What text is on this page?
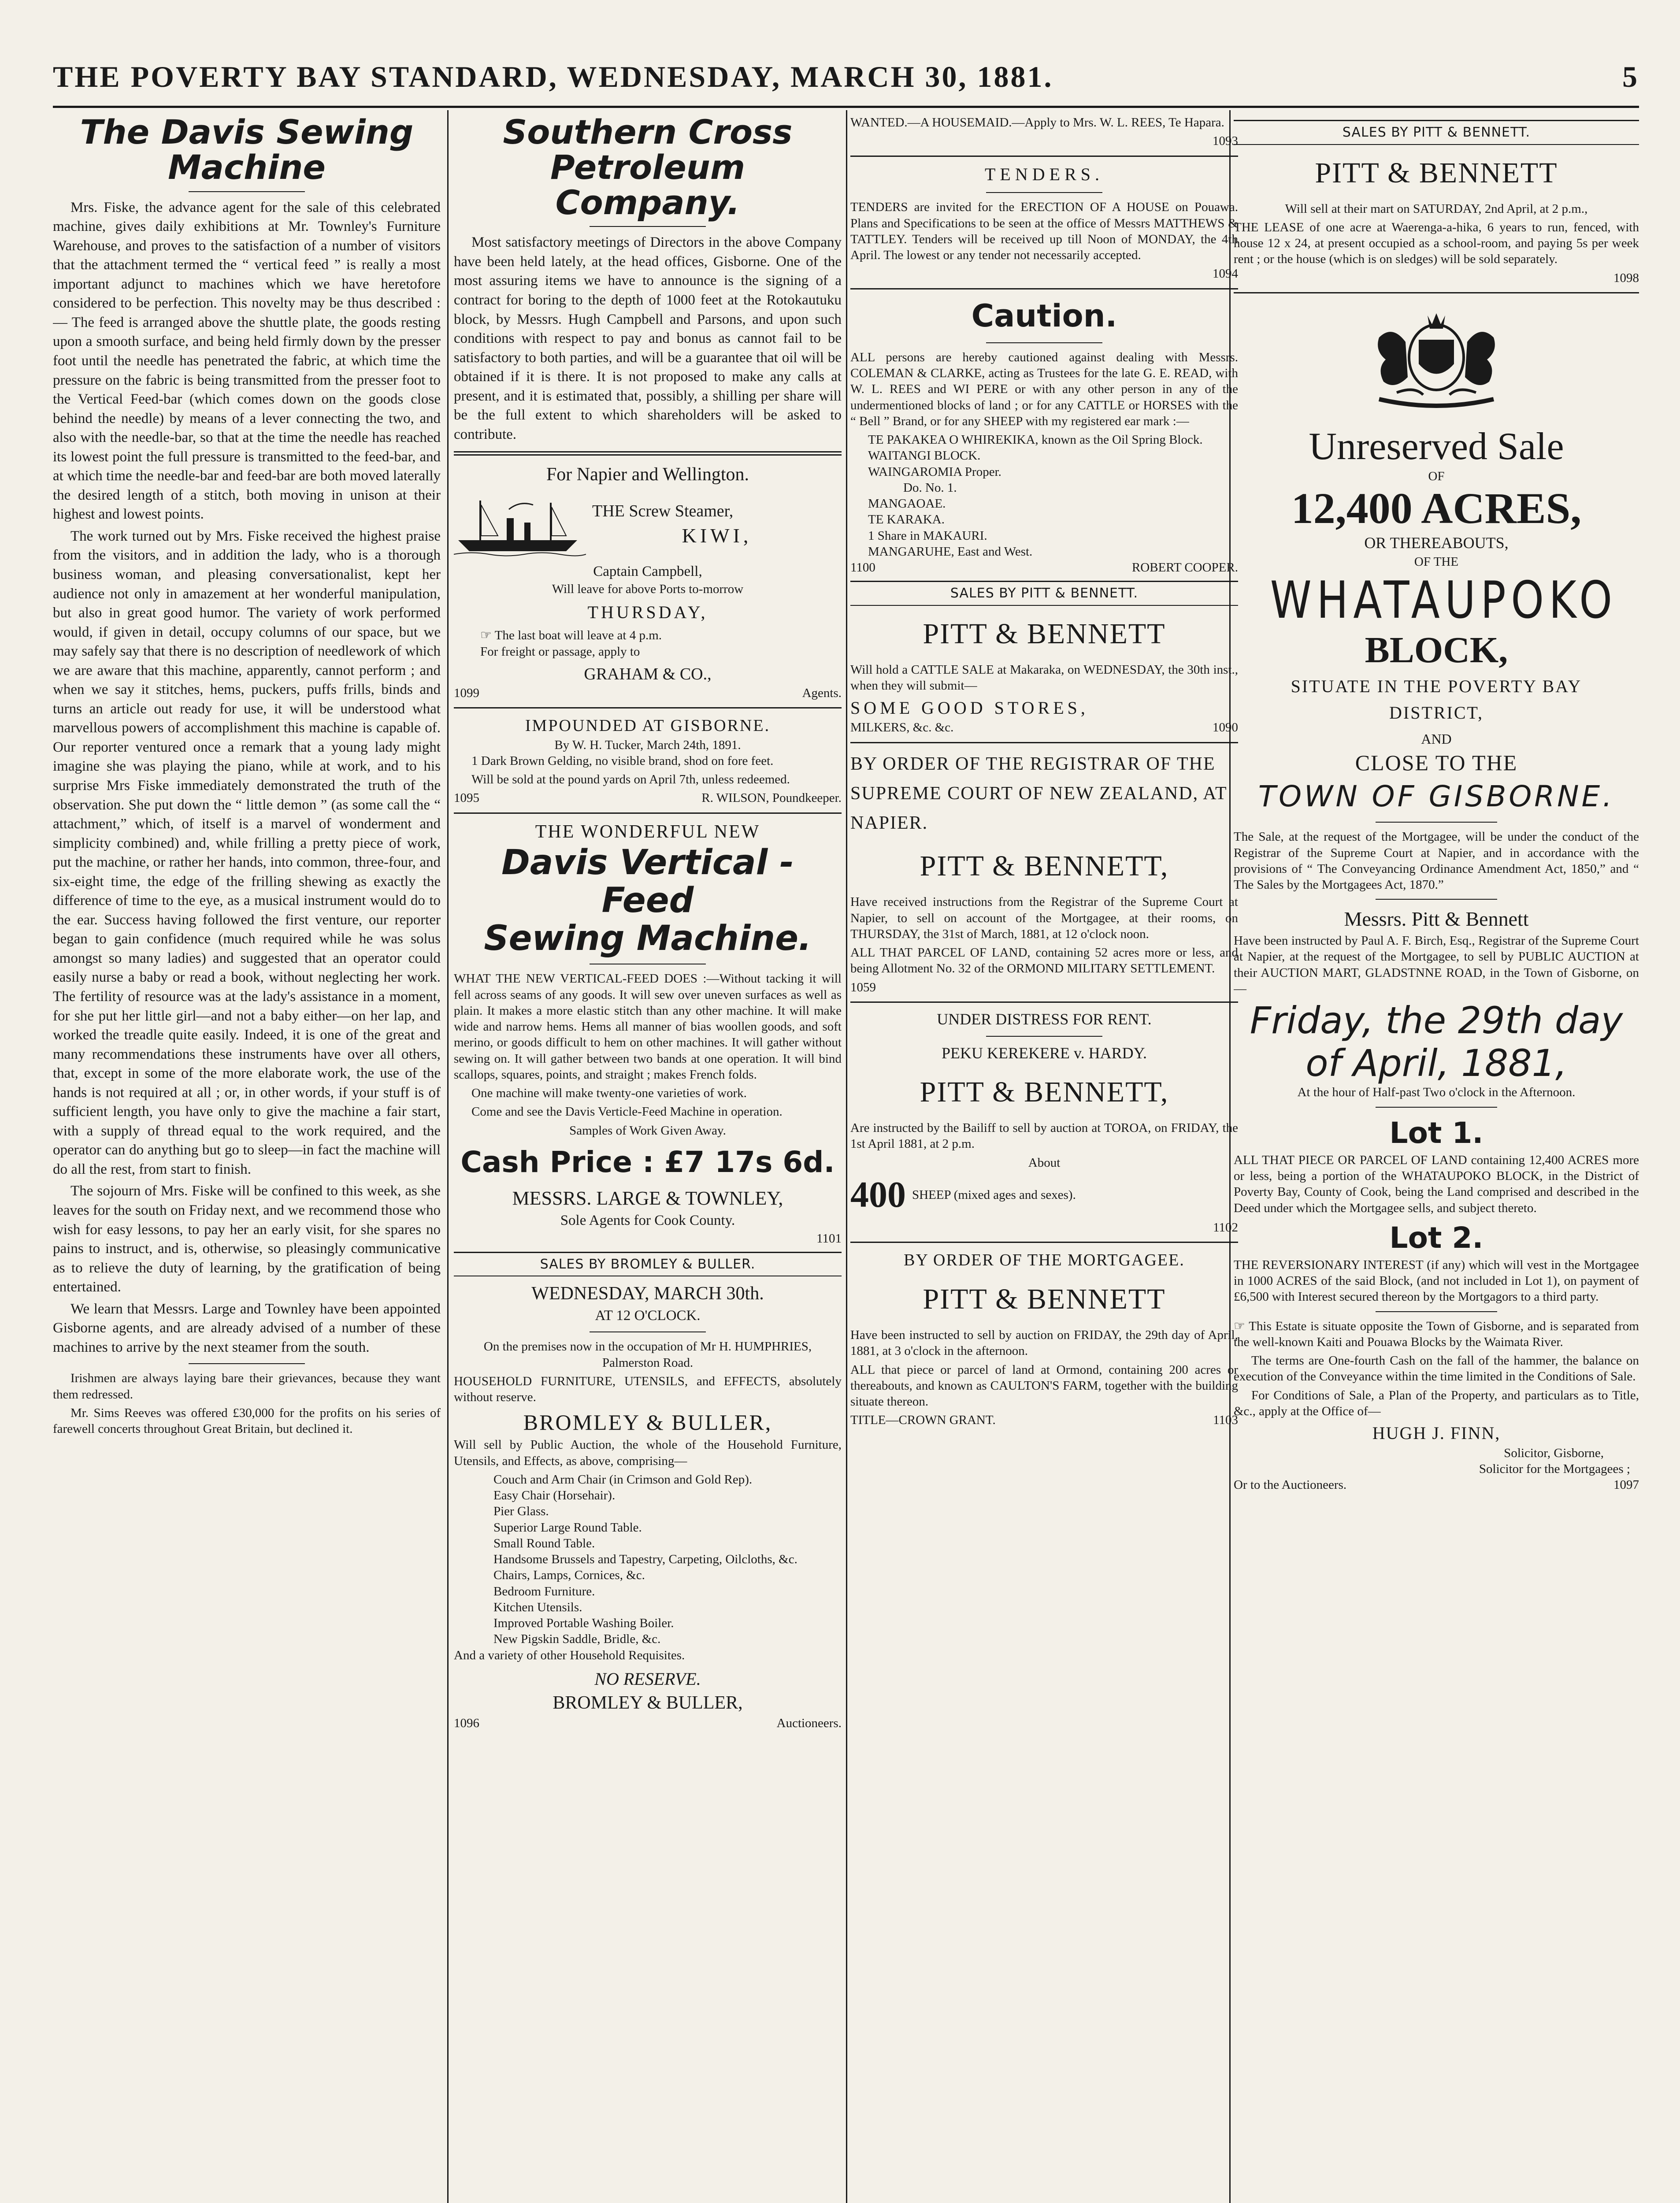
THE POVERTY BAY STANDARD, WEDNESDAY, MARCH 30, 1881.	5
The Davis Sewing Machine

Mrs. Fiske, the advance agent for the sale of this celebrated machine, gives daily exhibitions at Mr. Townley's Furniture Warehouse, and proves to the satisfaction of a number of visitors that the attachment termed the “ vertical feed ” is really a most important adjunct to machines which we have heretofore considered to be perfection. This novelty may be thus described :— The feed is arranged above the shuttle plate, the goods resting upon a smooth surface, and being held firmly down by the presser foot until the needle has penetrated the fabric, at which time the pressure on the fabric is being transmitted from the presser foot to the Vertical Feed-bar (which comes down on the goods close behind the needle) by means of a lever connecting the two, and also with the needle-bar, so that at the time the needle has reached its lowest point the full pressure is transmitted to the feed-bar, and at which time the needle-bar and feed-bar are both moved laterally the desired length of a stitch, both moving in unison at their highest and lowest points.

The work turned out by Mrs. Fiske received the highest praise from the visitors, and in addition the lady, who is a thorough business woman, and pleasing conversationalist, kept her audience not only in amazement at her wonderful manipulation, but also in great good humor. The variety of work performed would, if given in detail, occupy columns of our space, but we may safely say that there is no description of needlework of which we are aware that this machine, apparently, cannot perform ; and when we say it stitches, hems, puckers, puffs frills, binds and turns an article out ready for use, it will be understood what marvellous powers of accomplishment this machine is capable of. Our reporter ventured once a remark that a young lady might imagine she was playing the piano, while at work, and to his surprise Mrs Fiske immediately demonstrated the truth of the observation. She put down the “ little demon ” (as some call the “ attachment,” which, of itself is a marvel of wonderment and simplicity combined) and, while frilling a pretty piece of work, put the machine, or rather her hands, into common, three-four, and six-eight time, the edge of the frilling shewing as exactly the difference of time to the eye, as a musical instrument would do to the ear. Success having followed the first venture, our reporter began to gain confidence (much required while he was solus amongst so many ladies) and suggested that an operator could easily nurse a baby or read a book, without neglecting her work. The fertility of resource was at the lady's assistance in a moment, for she put her little girl—and not a baby either—on her lap, and worked the treadle quite easily. Indeed, it is one of the great and many recommendations these instruments have over all others, that, except in some of the more elaborate work, the use of the hands is not required at all ; or, in other words, if your stuff is of sufficient length, you have only to give the machine a fair start, with a supply of thread equal to the work required, and the operator can do anything but go to sleep—in fact the machine will do all the rest, from start to finish.

The sojourn of Mrs. Fiske will be confined to this week, as she leaves for the south on Friday next, and we recommend those who wish for easy lessons, to pay her an early visit, for she spares no pains to instruct, and is, otherwise, so pleasingly communicative as to relieve the duty of learning, by the gratification of being entertained.

We learn that Messrs. Large and Townley have been appointed Gisborne agents, and are already advised of a number of these machines to arrive by the next steamer from the south.

Irishmen are always laying bare their grievances, because they want them redressed.

Mr. Sims Reeves was offered £30,000 for the profits on his series of farewell concerts throughout Great Britain, but declined it.

Southern Cross Petroleum Company.

Most satisfactory meetings of Directors in the above Company have been held lately, at the head offices, Gisborne. One of the most assuring items we have to announce is the signing of a contract for boring to the depth of 1000 feet at the Rotokautuku block, by Messrs. Hugh Campbell and Parsons, and upon such conditions with respect to pay and bonus as cannot fail to be satisfactory to both parties, and will be a guarantee that oil will be obtained if it is there. It is not proposed to make any calls at present, and it is estimated that, possibly, a shilling per share will be the full extent to which shareholders will be asked to contribute.

For Napier and Wellington.
THE Screw Steamer,
KIWI,
Captain Campbell,
Will leave for above Ports to-morrow
THURSDAY,
☞ The last boat will leave at 4 p.m.
For freight or passage, apply to
GRAHAM & CO.,
1099	Agents.
IMPOUNDED AT GISBORNE.
By W. H. Tucker, March 24th, 1891.

1 Dark Brown Gelding, no visible brand, shod on fore feet.

Will be sold at the pound yards on April 7th, unless redeemed.

1095	R. WILSON, Poundkeeper.
THE WONDERFUL NEW
Davis Vertical - Feed
Sewing Machine.

WHAT THE NEW VERTICAL-FEED DOES :—Without tacking it will fell across seams of any goods. It will sew over uneven surfaces as well as plain. It makes a more elastic stitch than any other machine. It will make wide and narrow hems. Hems all manner of bias woollen goods, and soft merino, or goods difficult to hem on other machines. It will gather without sewing on. It will gather between two bands at one operation. It will bind scallops, squares, points, and straight ; makes French folds.

One machine will make twenty-one varieties of work.

Come and see the Davis Verticle-Feed Machine in operation.

Samples of Work Given Away.
Cash Price : £7 17s 6d.
MESSRS. LARGE & TOWNLEY,
Sole Agents for Cook County.
1101
SALES BY BROMLEY & BULLER.
WEDNESDAY, MARCH 30th.
AT 12 O'CLOCK.

On the premises now in the occupation of Mr H. HUMPHRIES, Palmerston Road.

HOUSEHOLD FURNITURE, UTENSILS, and EFFECTS, absolutely without reserve.

BROMLEY & BULLER,

Will sell by Public Auction, the whole of the Household Furniture, Utensils, and Effects, as above, comprising—

Couch and Arm Chair (in Crimson and Gold Rep).
Easy Chair (Horsehair).
Pier Glass.
Superior Large Round Table.
Small Round Table.
Handsome Brussels and Tapestry, Carpeting, Oilcloths, &c.
Chairs, Lamps, Cornices, &c.
Bedroom Furniture.
Kitchen Utensils.
Improved Portable Washing Boiler.
New Pigskin Saddle, Bridle, &c.
And a variety of other Household Requisites.
NO RESERVE.
BROMLEY & BULLER,
1096	Auctioneers.

WANTED.—A HOUSEMAID.—Apply to Mrs. W. L. REES, Te Hapara.

1093
TENDERS.

TENDERS are invited for the ERECTION OF A HOUSE on Pouawa. Plans and Specifications to be seen at the office of Messrs MATTHEWS & TATTLEY. Tenders will be received up till Noon of MONDAY, the 4th April. The lowest or any tender not necessarily accepted.

1094
Caution.

ALL persons are hereby cautioned against dealing with Messrs. COLEMAN & CLARKE, acting as Trustees for the late G. E. READ, with W. L. REES and WI PERE or with any other person in any of the undermentioned blocks of land ; or for any CATTLE or HORSES with the “ Bell ” Brand, or for any SHEEP with my registered ear mark :—

TE PAKAKEA O WHIREKIKA, known as the Oil Spring Block.
WAITANGI BLOCK.
WAINGAROMIA Proper.
Do. No. 1.
MANGAOAE.
TE KARAKA.
1 Share in MAKAURI.
MANGARUHE, East and West.
1100	ROBERT COOPER.
SALES BY PITT & BENNETT.
PITT & BENNETT

Will hold a CATTLE SALE at Makaraka, on WEDNESDAY, the 30th inst., when they will submit—

SOME GOOD STORES,
MILKERS, &c. &c.	1090
BY ORDER OF THE REGISTRAR OF THE SUPREME COURT OF NEW ZEALAND, AT NAPIER.
PITT & BENNETT,

Have received instructions from the Registrar of the Supreme Court at Napier, to sell on account of the Mortgagee, at their rooms, on THURSDAY, the 31st of March, 1881, at 12 o'clock noon.

ALL THAT PARCEL OF LAND, containing 52 acres more or less, and being Allotment No. 32 of the ORMOND MILITARY SETTLEMENT.

1059
UNDER DISTRESS FOR RENT.
PEKU KEREKERE v. HARDY.
PITT & BENNETT,

Are instructed by the Bailiff to sell by auction at TOROA, on FRIDAY, the 1st April 1881, at 2 p.m.

About
400 SHEEP (mixed ages and sexes).
1102
BY ORDER OF THE MORTGAGEE.
PITT & BENNETT

Have been instructed to sell by auction on FRIDAY, the 29th day of April, 1881, at 3 o'clock in the afternoon.

ALL that piece or parcel of land at Ormond, containing 200 acres or thereabouts, and known as CAULTON'S FARM, together with the building situate thereon.

TITLE—CROWN GRANT.	1103
SALES BY PITT & BENNETT.
PITT & BENNETT

Will sell at their mart on SATURDAY, 2nd April, at 2 p.m.,

THE LEASE of one acre at Waerenga-a-hika, 6 years to run, fenced, with house 12 x 24, at present occupied as a school-room, and paying 5s per week rent ; or the house (which is on sledges) will be sold separately.

1098
Unreserved Sale
OF
12,400 ACRES,
OR THEREABOUTS,
OF THE
WHATAUPOKO
BLOCK,
SITUATE IN THE POVERTY BAY DISTRICT,
AND
CLOSE TO THE
TOWN OF GISBORNE.

The Sale, at the request of the Mortgagee, will be under the conduct of the Registrar of the Supreme Court at Napier, and in accordance with the provisions of “ The Conveyancing Ordinance Amendment Act, 1850,” and “ The Sales by the Mortgagees Act, 1870.”

Messrs. Pitt & Bennett

Have been instructed by Paul A. F. Birch, Esq., Registrar of the Supreme Court at Napier, at the request of the Mortgagee, to sell by PUBLIC AUCTION at their AUCTION MART, GLADSTNNE ROAD, in the Town of Gisborne, on—

Friday, the 29th day
of April, 1881,

At the hour of Half-past Two o'clock in the Afternoon.

Lot 1.

ALL THAT PIECE OR PARCEL OF LAND containing 12,400 ACRES more or less, being a portion of the WHATAUPOKO BLOCK, in the District of Poverty Bay, County of Cook, being the Land comprised and described in the Deed under which the Mortgagee sells, and subject thereto.

Lot 2.

THE REVERSIONARY INTEREST (if any) which will vest in the Mortgagee in 1000 ACRES of the said Block, (and not included in Lot 1), on payment of £6,500 with Interest secured thereon by the Mortgagors to a third party.

☞ This Estate is situate opposite the Town of Gisborne, and is separated from the well-known Kaiti and Pouawa Blocks by the Waimata River.

The terms are One-fourth Cash on the fall of the hammer, the balance on execution of the Conveyance within the time limited in the Conditions of Sale.

For Conditions of Sale, a Plan of the Property, and particulars as to Title, &c., apply at the Office of—

HUGH J. FINN,
Solicitor, Gisborne,
Solicitor for the Mortgagees ;
Or to the Auctioneers.	1097
